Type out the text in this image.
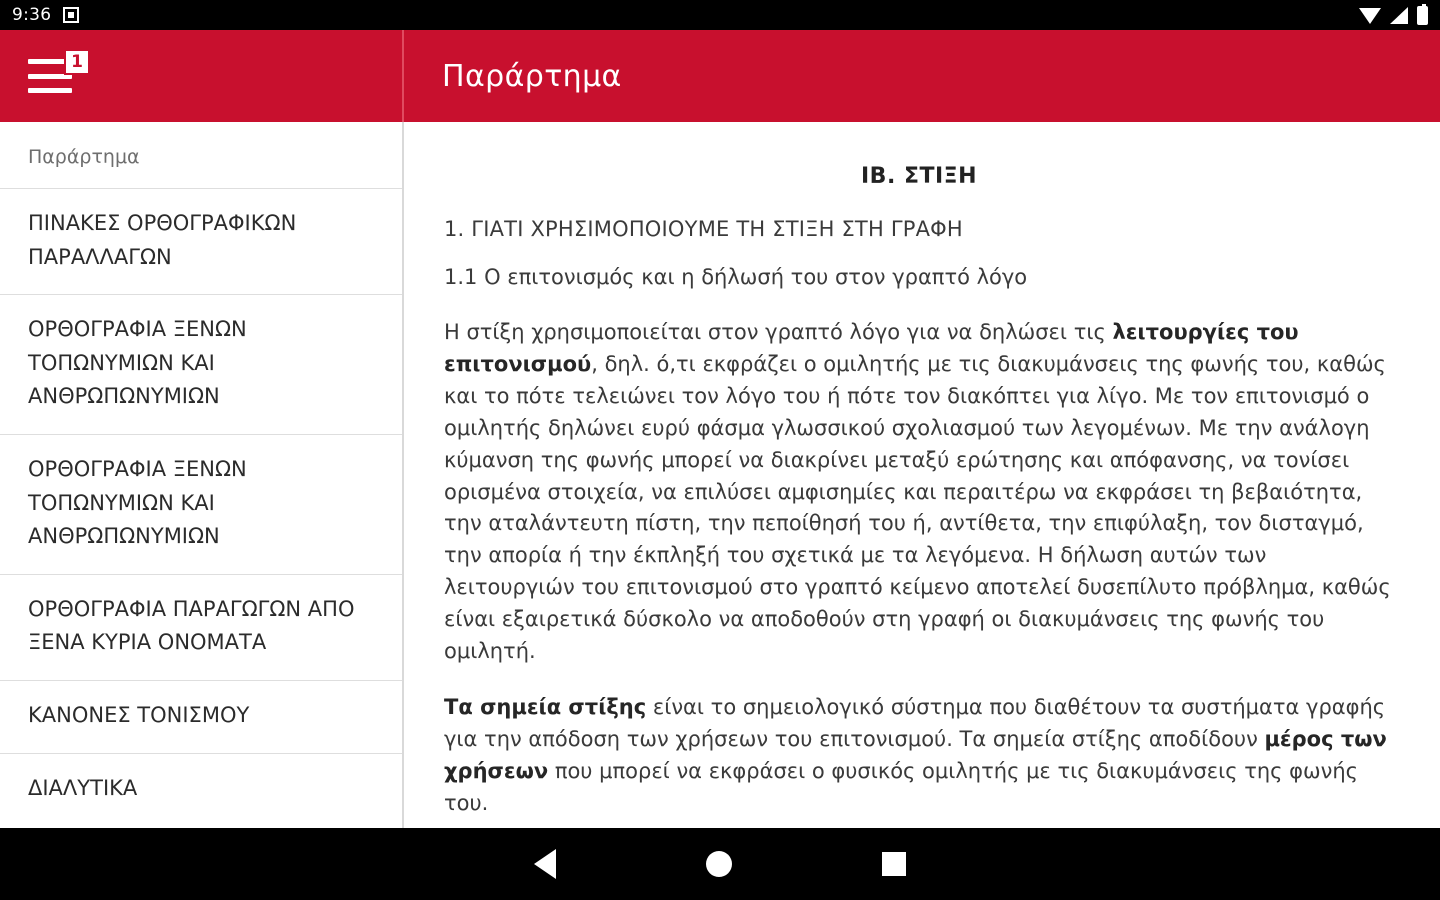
9:36
1	Παράρτημα
Παράρτημα
ΠΙΝΑΚΕΣ ΟΡΘΟΓΡΑΦΙΚΩΝ ΠΑΡΑΛΛΑΓΩΝ
ΟΡΘΟΓΡΑΦΙΑ ΞΕΝΩΝ ΤΟΠΩΝΥΜΙΩΝ ΚΑΙ ΑΝΘΡΩΠΩΝΥΜΙΩΝ
ΟΡΘΟΓΡΑΦΙΑ ΞΕΝΩΝ ΤΟΠΩΝΥΜΙΩΝ ΚΑΙ ΑΝΘΡΩΠΩΝΥΜΙΩΝ
ΟΡΘΟΓΡΑΦΙΑ ΠΑΡΑΓΩΓΩΝ ΑΠΟ ΞΕΝΑ ΚΥΡΙΑ ΟΝΟΜΑΤΑ
ΚΑΝΟΝΕΣ ΤΟΝΙΣΜΟΥ
ΔΙΑΛΥΤΙΚΑ
ΙΒ. ΣΤΙΞΗ
1. ΓΙΑΤΙ ΧΡΗΣΙΜΟΠΟΙΟΥΜΕ ΤΗ ΣΤΙΞΗ ΣΤΗ ΓΡΑΦΗ
1.1 Ο επιτονισμός και η δήλωσή του στον γραπτό λόγο

Η στίξη χρησιμοποιείται στον γραπτό λόγο για να δηλώσει τις λειτουργίες του επιτονισμού, δηλ. ό,τι εκφράζει ο ομιλητής με τις διακυμάνσεις της φωνής του, καθώς και το πότε τελειώνει τον λόγο του ή πότε τον διακόπτει για λίγο. Με τον επιτονισμό ο ομιλητής δηλώνει ευρύ φάσμα γλωσσικού σχολιασμού των λεγομένων. Με την ανάλογη κύμανση της φωνής μπορεί να διακρίνει μεταξύ ερώτησης και απόφανσης, να τονίσει ορισμένα στοιχεία, να επιλύσει αμφισημίες και περαιτέρω να εκφράσει τη βεβαιότητα, την αταλάντευτη πίστη, την πεποίθησή του ή, αντίθετα, την επιφύλαξη, τον δισταγμό, την απορία ή την έκπληξή του σχετικά με τα λεγόμενα. Η δήλωση αυτών των λειτουργιών του επιτονισμού στο γραπτό κείμενο αποτελεί δυσεπίλυτο πρόβλημα, καθώς είναι εξαιρετικά δύσκολο να αποδοθούν στη γραφή οι διακυμάνσεις της φωνής του ομιλητή.

Τα σημεία στίξης είναι το σημειολογικό σύστημα που διαθέτουν τα συστήματα γραφής για την απόδοση των χρήσεων του επιτονισμού. Τα σημεία στίξης αποδίδουν μέρος των χρήσεων που μπορεί να εκφράσει ο φυσικός ομιλητής με τις διακυμάνσεις της φωνής του.
